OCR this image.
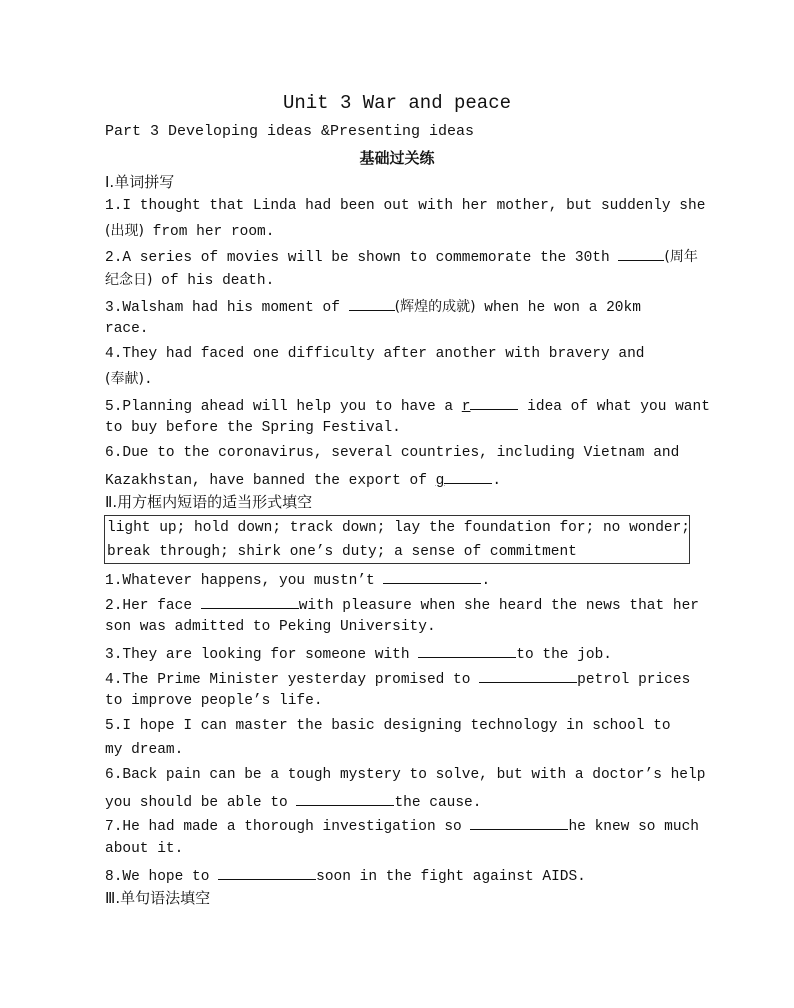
Unit 3 War and peace
Part 3 Developing ideas &Presenting ideas
基础过关练
Ⅰ.单词拼写
1.I thought that Linda had been out with her mother, but suddenly she
(出现) from her room.
2.A series of movies will be shown to commemorate the 30th	(周年
纪念日) of his death.
3.Walsham had his moment of	(辉煌的成就) when he won a 20km
race.
4.They had faced one difficulty after another with bravery and
(奉献).
5.Planning ahead will help you to have a r	idea of what you want
to buy before the Spring Festival.
6.Due to the coronavirus, several countries, including Vietnam and
Kazakhstan, have banned the export of g	.
Ⅱ.用方框内短语的适当形式填空
light up; hold down; track down; lay the foundation for; no wonder;
break through; shirk one’s duty; a sense of commitment
1.Whatever happens, you mustn’t	.
2.Her face	with pleasure when she heard the news that her
son was admitted to Peking University.
3.They are looking for someone with	to the job.
4.The Prime Minister yesterday promised to	petrol prices
to improve people’s life.
5.I hope I can master the basic designing technology in school to
my dream.
6.Back pain can be a tough mystery to solve, but with a doctor’s help
you should be able to	the cause.
7.He had made a thorough investigation so	he knew so much
about it.
8.We hope to	soon in the fight against AIDS.
Ⅲ.单句语法填空
